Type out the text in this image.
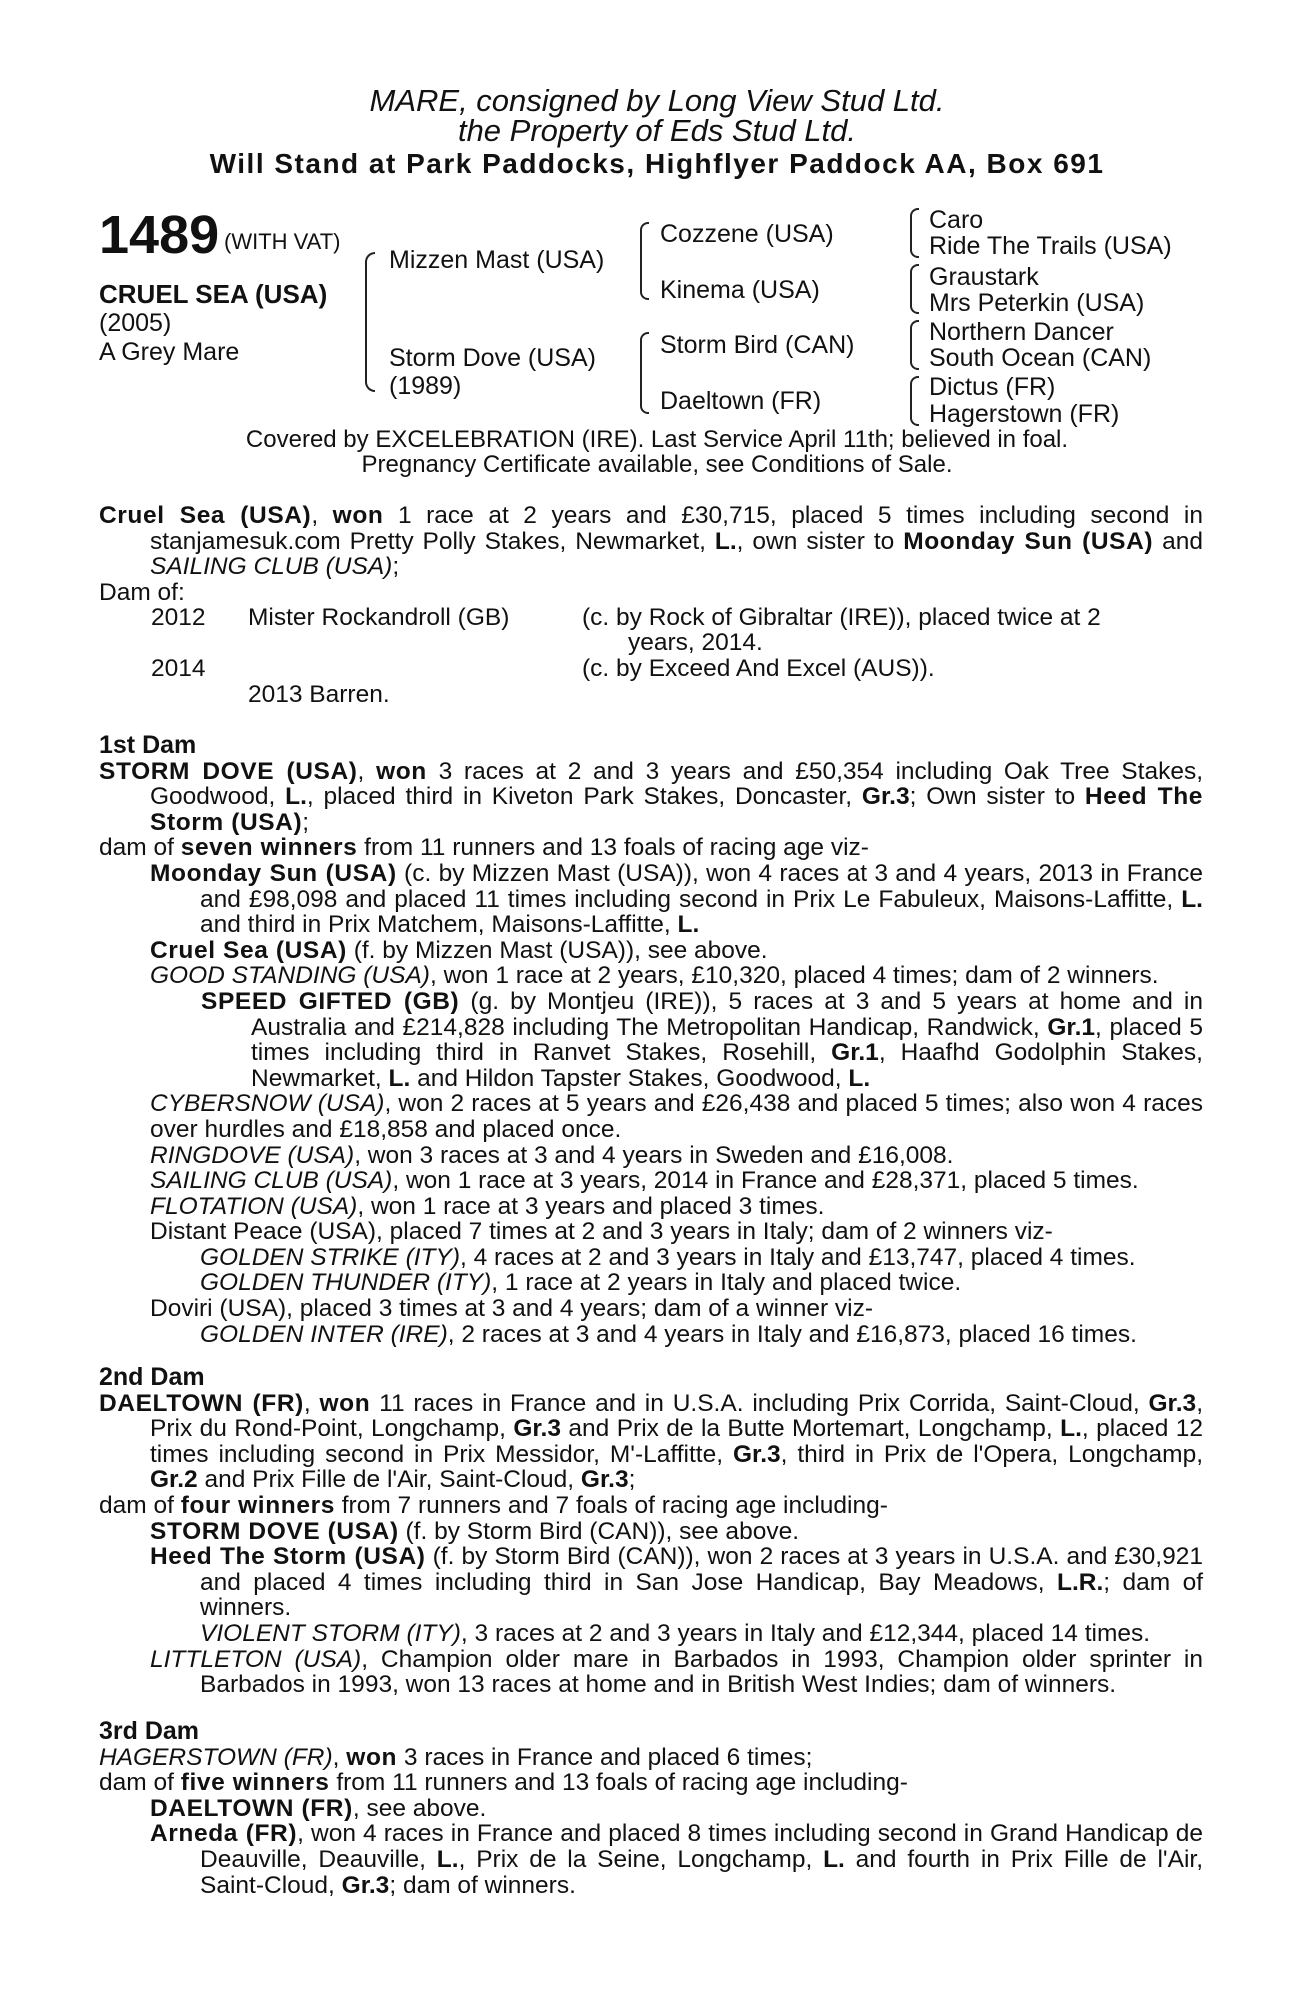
MARE, consigned by Long View Stud Ltd.
the Property of Eds Stud Ltd.
Will Stand at Park Paddocks, Highflyer Paddock AA, Box 691
1489 (WITH VAT)
CRUEL SEA (USA)
(2005)
A Grey Mare
Mizzen Mast (USA)
Storm Dove (USA)
(1989)
Cozzene (USA)
Kinema (USA)
Storm Bird (CAN)
Daeltown (FR)
Caro
Ride The Trails (USA)
Graustark
Mrs Peterkin (USA)
Northern Dancer
South Ocean (CAN)
Dictus (FR)
Hagerstown (FR)
Covered by EXCELEBRATION (IRE). Last Service April 11th; believed in foal.
Pregnancy Certificate available, see Conditions of Sale.

Cruel Sea (USA), won 1 race at 2 years and £30,715, placed 5 times including second in stanjamesuk.com Pretty Polly Stakes, Newmarket, L., own sister to Moonday Sun (USA) and SAILING CLUB (USA);

Dam of:
2012 Mister Rockandroll (GB)	(c. by Rock of Gibraltar (IRE)), placed twice at 2
years, 2014.
2014	(c. by Exceed And Excel (AUS)).
2013 Barren.
1st Dam

STORM DOVE (USA), won 3 races at 2 and 3 years and £50,354 including Oak Tree Stakes, Goodwood, L., placed third in Kiveton Park Stakes, Doncaster, Gr.3; Own sister to Heed The Storm (USA);

dam of seven winners from 11 runners and 13 foals of racing age viz-

Moonday Sun (USA) (c. by Mizzen Mast (USA)), won 4 races at 3 and 4 years, 2013 in France and £98,098 and placed 11 times including second in Prix Le Fabuleux, Maisons-Laffitte, L. and third in Prix Matchem, Maisons-Laffitte, L.

Cruel Sea (USA) (f. by Mizzen Mast (USA)), see above.

GOOD STANDING (USA), won 1 race at 2 years, £10,320, placed 4 times; dam of 2 winners.

SPEED GIFTED (GB) (g. by Montjeu (IRE)), 5 races at 3 and 5 years at home and in Australia and £214,828 including The Metropolitan Handicap, Randwick, Gr.1, placed 5 times including third in Ranvet Stakes, Rosehill, Gr.1, Haafhd Godolphin Stakes, Newmarket, L. and Hildon Tapster Stakes, Goodwood, L.

CYBERSNOW (USA), won 2 races at 5 years and £26,438 and placed 5 times; also won 4 races over hurdles and £18,858 and placed once.

RINGDOVE (USA), won 3 races at 3 and 4 years in Sweden and £16,008.

SAILING CLUB (USA), won 1 race at 3 years, 2014 in France and £28,371, placed 5 times.

FLOTATION (USA), won 1 race at 3 years and placed 3 times.

Distant Peace (USA), placed 7 times at 2 and 3 years in Italy; dam of 2 winners viz-

GOLDEN STRIKE (ITY), 4 races at 2 and 3 years in Italy and £13,747, placed 4 times.

GOLDEN THUNDER (ITY), 1 race at 2 years in Italy and placed twice.

Doviri (USA), placed 3 times at 3 and 4 years; dam of a winner viz-

GOLDEN INTER (IRE), 2 races at 3 and 4 years in Italy and £16,873, placed 16 times.

2nd Dam

DAELTOWN (FR), won 11 races in France and in U.S.A. including Prix Corrida, Saint-Cloud, Gr.3, Prix du Rond-Point, Longchamp, Gr.3 and Prix de la Butte Mortemart, Longchamp, L., placed 12 times including second in Prix Messidor, M'-Laffitte, Gr.3, third in Prix de l'Opera, Longchamp, Gr.2 and Prix Fille de l'Air, Saint-Cloud, Gr.3;

dam of four winners from 7 runners and 7 foals of racing age including-

STORM DOVE (USA) (f. by Storm Bird (CAN)), see above.

Heed The Storm (USA) (f. by Storm Bird (CAN)), won 2 races at 3 years in U.S.A. and £30,921 and placed 4 times including third in San Jose Handicap, Bay Meadows, L.R.; dam of winners.

VIOLENT STORM (ITY), 3 races at 2 and 3 years in Italy and £12,344, placed 14 times.

LITTLETON (USA), Champion older mare in Barbados in 1993, Champion older sprinter in Barbados in 1993, won 13 races at home and in British West Indies; dam of winners.

3rd Dam

HAGERSTOWN (FR), won 3 races in France and placed 6 times;

dam of five winners from 11 runners and 13 foals of racing age including-

DAELTOWN (FR), see above.

Arneda (FR), won 4 races in France and placed 8 times including second in Grand Handicap de Deauville, Deauville, L., Prix de la Seine, Longchamp, L. and fourth in Prix Fille de l'Air, Saint-Cloud, Gr.3; dam of winners.
